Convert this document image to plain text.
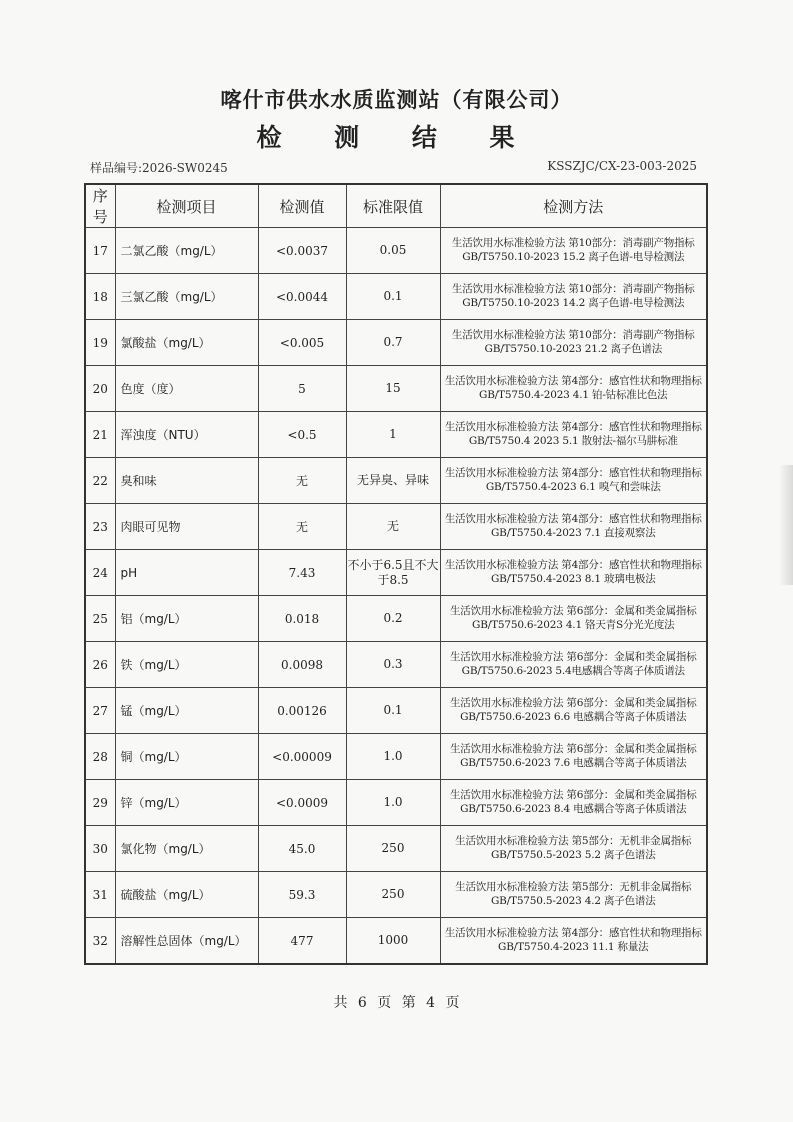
喀什市供水水质监测站（有限公司）
检 测 结 果
样品编号:2026-SW0245	KSSZJC/CX-23-003-2025
序号	检测项目	检测值	标准限值	检测方法
17	二氯乙酸（mg/L）	<0.0037	0.05	生活饮用水标准检验方法 第10部分：消毒副产物指标 GB/T5750.10-2023 15.2 离子色谱-电导检测法
18	三氯乙酸（mg/L）	<0.0044	0.1	生活饮用水标准检验方法 第10部分：消毒副产物指标 GB/T5750.10-2023 14.2 离子色谱-电导检测法
19	氯酸盐（mg/L）	<0.005	0.7	生活饮用水标准检验方法 第10部分：消毒副产物指标 GB/T5750.10-2023 21.2 离子色谱法
20	色度（度）	5	15	生活饮用水标准检验方法 第4部分：感官性状和物理指标 GB/T5750.4-2023 4.1 铂-钴标准比色法
21	浑浊度（NTU）	<0.5	1	生活饮用水标准检验方法 第4部分：感官性状和物理指标 GB/T5750.4 2023 5.1 散射法-福尔马肼标准
22	臭和味	无	无异臭、异味	生活饮用水标准检验方法 第4部分：感官性状和物理指标 GB/T5750.4-2023 6.1 嗅气和尝味法
23	肉眼可见物	无	无	生活饮用水标准检验方法 第4部分：感官性状和物理指标 GB/T5750.4-2023 7.1 直接观察法
24	pH	7.43	不小于6.5且不大于8.5	生活饮用水标准检验方法 第4部分：感官性状和物理指标 GB/T5750.4-2023 8.1 玻璃电极法
25	铝（mg/L）	0.018	0.2	生活饮用水标准检验方法 第6部分：金属和类金属指标 GB/T5750.6-2023 4.1 铬天青S分光光度法
26	铁（mg/L）	0.0098	0.3	生活饮用水标准检验方法 第6部分：金属和类金属指标 GB/T5750.6-2023 5.4电感耦合等离子体质谱法
27	锰（mg/L）	0.00126	0.1	生活饮用水标准检验方法 第6部分：金属和类金属指标 GB/T5750.6-2023 6.6 电感耦合等离子体质谱法
28	铜（mg/L）	<0.00009	1.0	生活饮用水标准检验方法 第6部分：金属和类金属指标 GB/T5750.6-2023 7.6 电感耦合等离子体质谱法
29	锌（mg/L）	<0.0009	1.0	生活饮用水标准检验方法 第6部分：金属和类金属指标 GB/T5750.6-2023 8.4 电感耦合等离子体质谱法
30	氯化物（mg/L）	45.0	250	生活饮用水标准检验方法 第5部分：无机非金属指标 GB/T5750.5-2023 5.2 离子色谱法
31	硫酸盐（mg/L）	59.3	250	生活饮用水标准检验方法 第5部分：无机非金属指标 GB/T5750.5-2023 4.2 离子色谱法
32	溶解性总固体（mg/L）	477	1000	生活饮用水标准检验方法 第4部分：感官性状和物理指标 GB/T5750.4-2023 11.1 称量法
共 6 页 第 4 页
